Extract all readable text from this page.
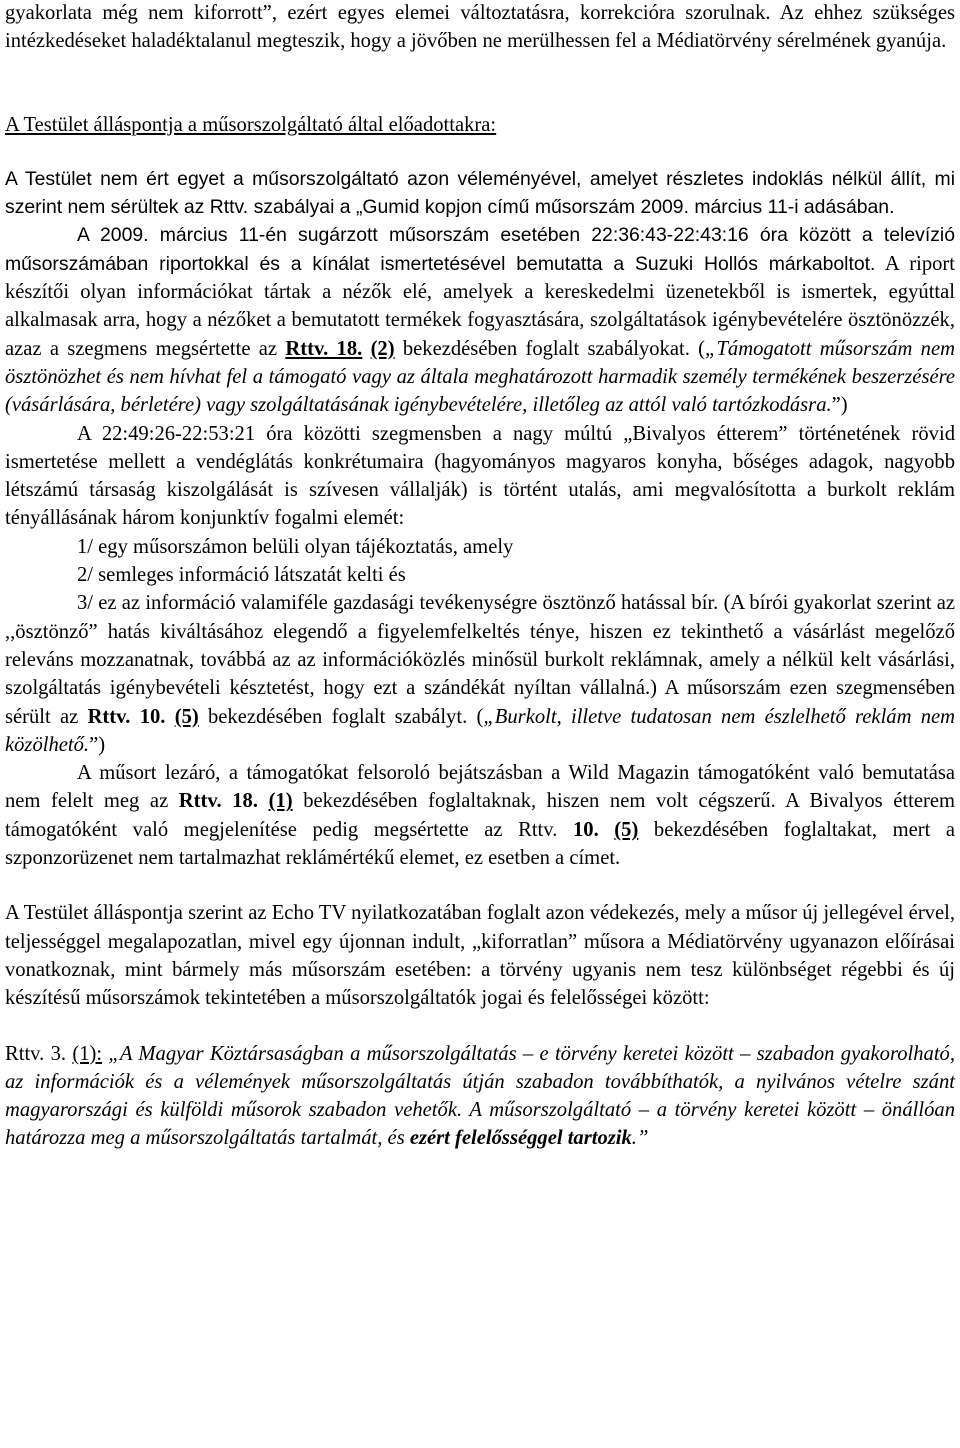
gyakorlata még nem kiforrott”, ezért egyes elemei változtatásra, korrekcióra szorulnak. Az ehhez szükséges intézkedéseket haladéktalanul megteszik, hogy a jövőben ne merülhessen fel a Médiatörvény sérelmének gyanúja.

A Testület álláspontja a műsorszolgáltató által előadottakra:

A Testület nem ért egyet a műsorszolgáltató azon véleményével, amelyet részletes indoklás nélkül állít, mi szerint nem sérültek az Rttv. szabályai a „Gumid kopjon című műsorszám 2009. március 11-i adásában.

A 2009. március 11-én sugárzott műsorszám esetében 22:36:43-22:43:16 óra között a televízió műsorszámában riportokkal és a kínálat ismertetésével bemutatta a Suzuki Hollós márkaboltot. A riport készítői olyan információkat tártak a nézők elé, amelyek a kereskedelmi üzenetekből is ismertek, egyúttal alkalmasak arra, hogy a nézőket a bemutatott termékek fogyasztására, szolgáltatások igénybevételére ösztönözzék, azaz a szegmens megsértette az Rttv. 18. (2) bekezdésében foglalt szabályokat. („Támogatott műsorszám nem ösztönözhet és nem hívhat fel a támogató vagy az általa meghatározott harmadik személy termékének beszerzésére (vásárlására, bérletére) vagy szolgáltatásának igénybevételére, illetőleg az attól való tartózkodásra.”)

A 22:49:26-22:53:21 óra közötti szegmensben a nagy múltú „Bivalyos étterem” történetének rövid ismertetése mellett a vendéglátás konkrétumaira (hagyományos magyaros konyha, bőséges adagok, nagyobb létszámú társaság kiszolgálását is szívesen vállalják) is történt utalás, ami megvalósította a burkolt reklám tényállásának három konjunktív fogalmi elemét:

1/ egy műsorszámon belüli olyan tájékoztatás, amely

2/ semleges információ látszatát kelti és

3/ ez az információ valamiféle gazdasági tevékenységre ösztönző hatással bír. (A bírói gyakorlat szerint az ,,ösztönző” hatás kiváltásához elegendő a figyelemfelkeltés ténye, hiszen ez tekinthető a vásárlást megelőző releváns mozzanatnak, továbbá az az információközlés minősül burkolt reklámnak, amely a nélkül kelt vásárlási, szolgáltatás igénybevételi késztetést, hogy ezt a szándékát nyíltan vállalná.) A műsorszám ezen szegmensében sérült az Rttv. 10. (5) bekezdésében foglalt szabályt. („Burkolt, illetve tudatosan nem észlelhető reklám nem közölhető.”)

A műsort lezáró, a támogatókat felsoroló bejátszásban a Wild Magazin támogatóként való bemutatása nem felelt meg az Rttv. 18. (1) bekezdésében foglaltaknak, hiszen nem volt cégszerű. A Bivalyos étterem támogatóként való megjelenítése pedig megsértette az Rttv. 10. (5) bekezdésében foglaltakat, mert a szponzorüzenet nem tartalmazhat reklámértékű elemet, ez esetben a címet.

A Testület álláspontja szerint az Echo TV nyilatkozatában foglalt azon védekezés, mely a műsor új jellegével érvel, teljességgel megalapozatlan, mivel egy újonnan indult, „kiforratlan” műsora a Médiatörvény ugyanazon előírásai vonatkoznak, mint bármely más műsorszám esetében: a törvény ugyanis nem tesz különbséget régebbi és új készítésű műsorszámok tekintetében a műsorszolgáltatók jogai és felelősségei között:

Rttv. 3. (1): „A Magyar Köztársaságban a műsorszolgáltatás – e törvény keretei között – szabadon gyakorolható, az információk és a vélemények műsorszolgáltatás útján szabadon továbbíthatók, a nyilvános vételre szánt magyarországi és külföldi műsorok szabadon vehetők. A műsorszolgáltató – a törvény keretei között – önállóan határozza meg a műsorszolgáltatás tartalmát, és ezért felelősséggel tartozik.”
